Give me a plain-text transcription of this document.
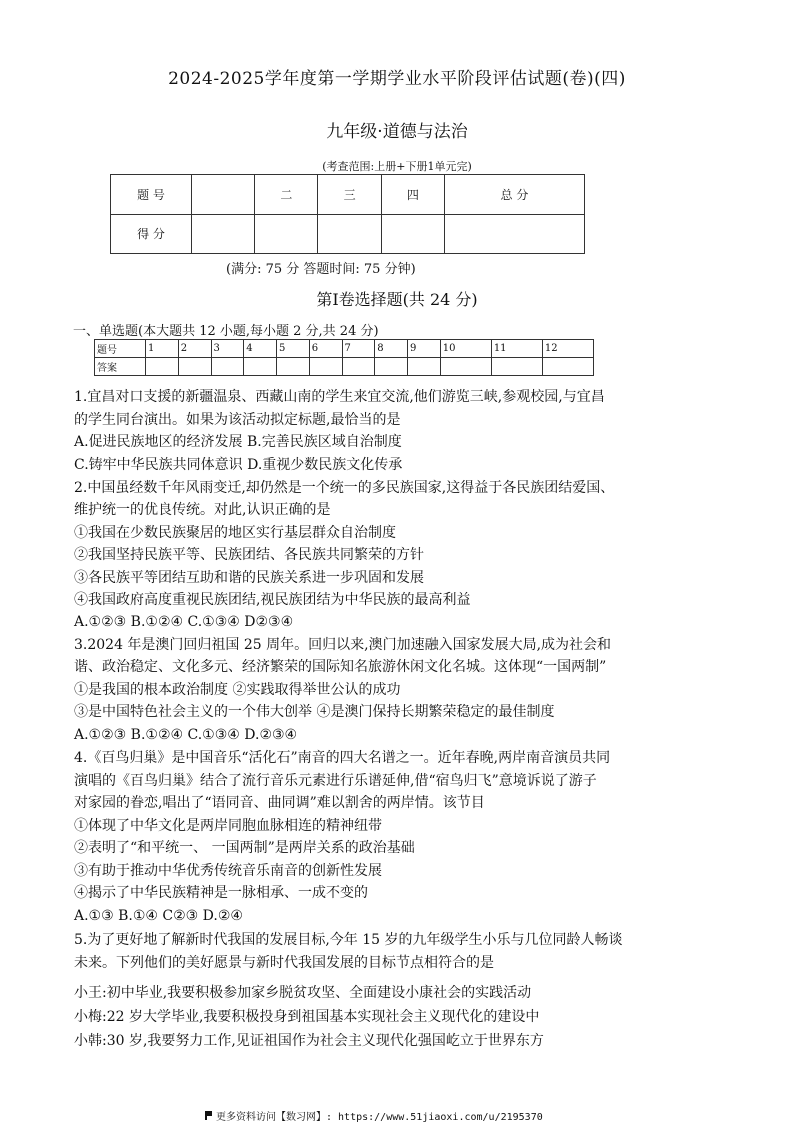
2024-2025学年度第一学期学业水平阶段评估试题(卷)(四)
九年级·道德与法治
(考查范围:上册+下册1单元完)
题 号	一	二	三	四	总 分
得 分					
(满分: 75 分 答题时间: 75 分钟)
第Ⅰ卷选择题(共 24 分)
一、单选题(本大题共 12 小题,每小题 2 分,共 24 分)
题号	1	2	3	4	5	6	7	8	9	10	11	12
答案												
1.宜昌对口支援的新疆温泉、西藏山南的学生来宜交流,他们游览三峡,参观校园,与宜昌
的学生同台演出。如果为该活动拟定标题,最恰当的是
A.促进民族地区的经济发展 B.完善民族区域自治制度
C.铸牢中华民族共同体意识 D.重视少数民族文化传承
2.中国虽经数千年风雨变迁,却仍然是一个统一的多民族国家,这得益于各民族团结爱国、
维护统一的优良传统。对此,认识正确的是
①我国在少数民族聚居的地区实行基层群众自治制度
②我国坚持民族平等、民族团结、各民族共同繁荣的方针
③各民族平等团结互助和谐的民族关系进一步巩固和发展
④我国政府高度重视民族团结,视民族团结为中华民族的最高利益
A.①②③ B.①②④ C.①③④ D②③④
3.2024 年是澳门回归祖国 25 周年。回归以来,澳门加速融入国家发展大局,成为社会和
谐、政治稳定、文化多元、经济繁荣的国际知名旅游休闲文化名城。这体现“一国两制”
①是我国的根本政治制度 ②实践取得举世公认的成功
③是中国特色社会主义的一个伟大创举 ④是澳门保持长期繁荣稳定的最佳制度
A.①②③ B.①②④ C.①③④ D.②③④
4.《百鸟归巢》是中国音乐“活化石”南音的四大名谱之一。近年春晚,两岸南音演员共同
演唱的《百鸟归巢》结合了流行音乐元素进行乐谱延伸,借“宿鸟归飞”意境诉说了游子
对家园的眷恋,唱出了“语同音、曲同调”难以割舍的两岸情。该节目
①体现了中华文化是两岸同胞血脉相连的精神纽带
②表明了“和平统一、 一国两制”是两岸关系的政治基础
③有助于推动中华优秀传统音乐南音的创新性发展
④揭示了中华民族精神是一脉相承、一成不变的
A.①③ B.①④ C②③ D.②④
5.为了更好地了解新时代我国的发展目标,今年 15 岁的九年级学生小乐与几位同龄人畅谈
未来。下列他们的美好愿景与新时代我国发展的目标节点相符合的是
小王:初中毕业,我要积极参加家乡脱贫攻坚、全面建设小康社会的实践活动
小梅:22 岁大学毕业,我要积极投身到祖国基本实现社会主义现代化的建设中
小韩:30 岁,我要努力工作,见证祖国作为社会主义现代化强国屹立于世界东方
更多资料访问【数习网】: https://www.51jiaoxi.com/u/2195370
